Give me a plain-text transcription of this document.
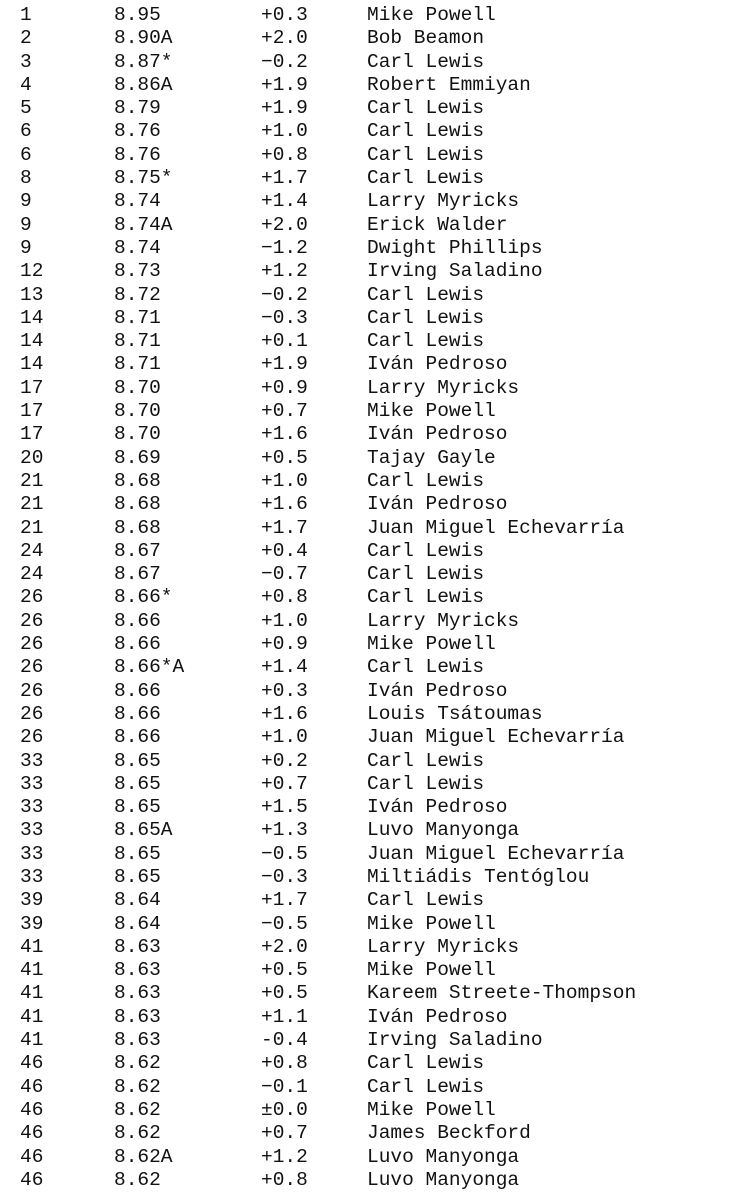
1	8.95	+0.3	Mike Powell
2	8.90A	+2.0	Bob Beamon
3	8.87*	−0.2	Carl Lewis
4	8.86A	+1.9	Robert Emmiyan
5	8.79	+1.9	Carl Lewis
6	8.76	+1.0	Carl Lewis
6	8.76	+0.8	Carl Lewis
8	8.75*	+1.7	Carl Lewis
9	8.74	+1.4	Larry Myricks
9	8.74A	+2.0	Erick Walder
9	8.74	−1.2	Dwight Phillips
12	8.73	+1.2	Irving Saladino
13	8.72	−0.2	Carl Lewis
14	8.71	−0.3	Carl Lewis
14	8.71	+0.1	Carl Lewis
14	8.71	+1.9	Iván Pedroso
17	8.70	+0.9	Larry Myricks
17	8.70	+0.7	Mike Powell
17	8.70	+1.6	Iván Pedroso
20	8.69	+0.5	Tajay Gayle
21	8.68	+1.0	Carl Lewis
21	8.68	+1.6	Iván Pedroso
21	8.68	+1.7	Juan Miguel Echevarría
24	8.67	+0.4	Carl Lewis
24	8.67	−0.7	Carl Lewis
26	8.66*	+0.8	Carl Lewis
26	8.66	+1.0	Larry Myricks
26	8.66	+0.9	Mike Powell
26	8.66*A	+1.4	Carl Lewis
26	8.66	+0.3	Iván Pedroso
26	8.66	+1.6	Louis Tsátoumas
26	8.66	+1.0	Juan Miguel Echevarría
33	8.65	+0.2	Carl Lewis
33	8.65	+0.7	Carl Lewis
33	8.65	+1.5	Iván Pedroso
33	8.65A	+1.3	Luvo Manyonga
33	8.65	−0.5	Juan Miguel Echevarría
33	8.65	−0.3	Miltiádis Tentóglou
39	8.64	+1.7	Carl Lewis
39	8.64	−0.5	Mike Powell
41	8.63	+2.0	Larry Myricks
41	8.63	+0.5	Mike Powell
41	8.63	+0.5	Kareem Streete-Thompson
41	8.63	+1.1	Iván Pedroso
41	8.63	-0.4	Irving Saladino
46	8.62	+0.8	Carl Lewis
46	8.62	−0.1	Carl Lewis
46	8.62	±0.0	Mike Powell
46	8.62	+0.7	James Beckford
46	8.62A	+1.2	Luvo Manyonga
46	8.62	+0.8	Luvo Manyonga
